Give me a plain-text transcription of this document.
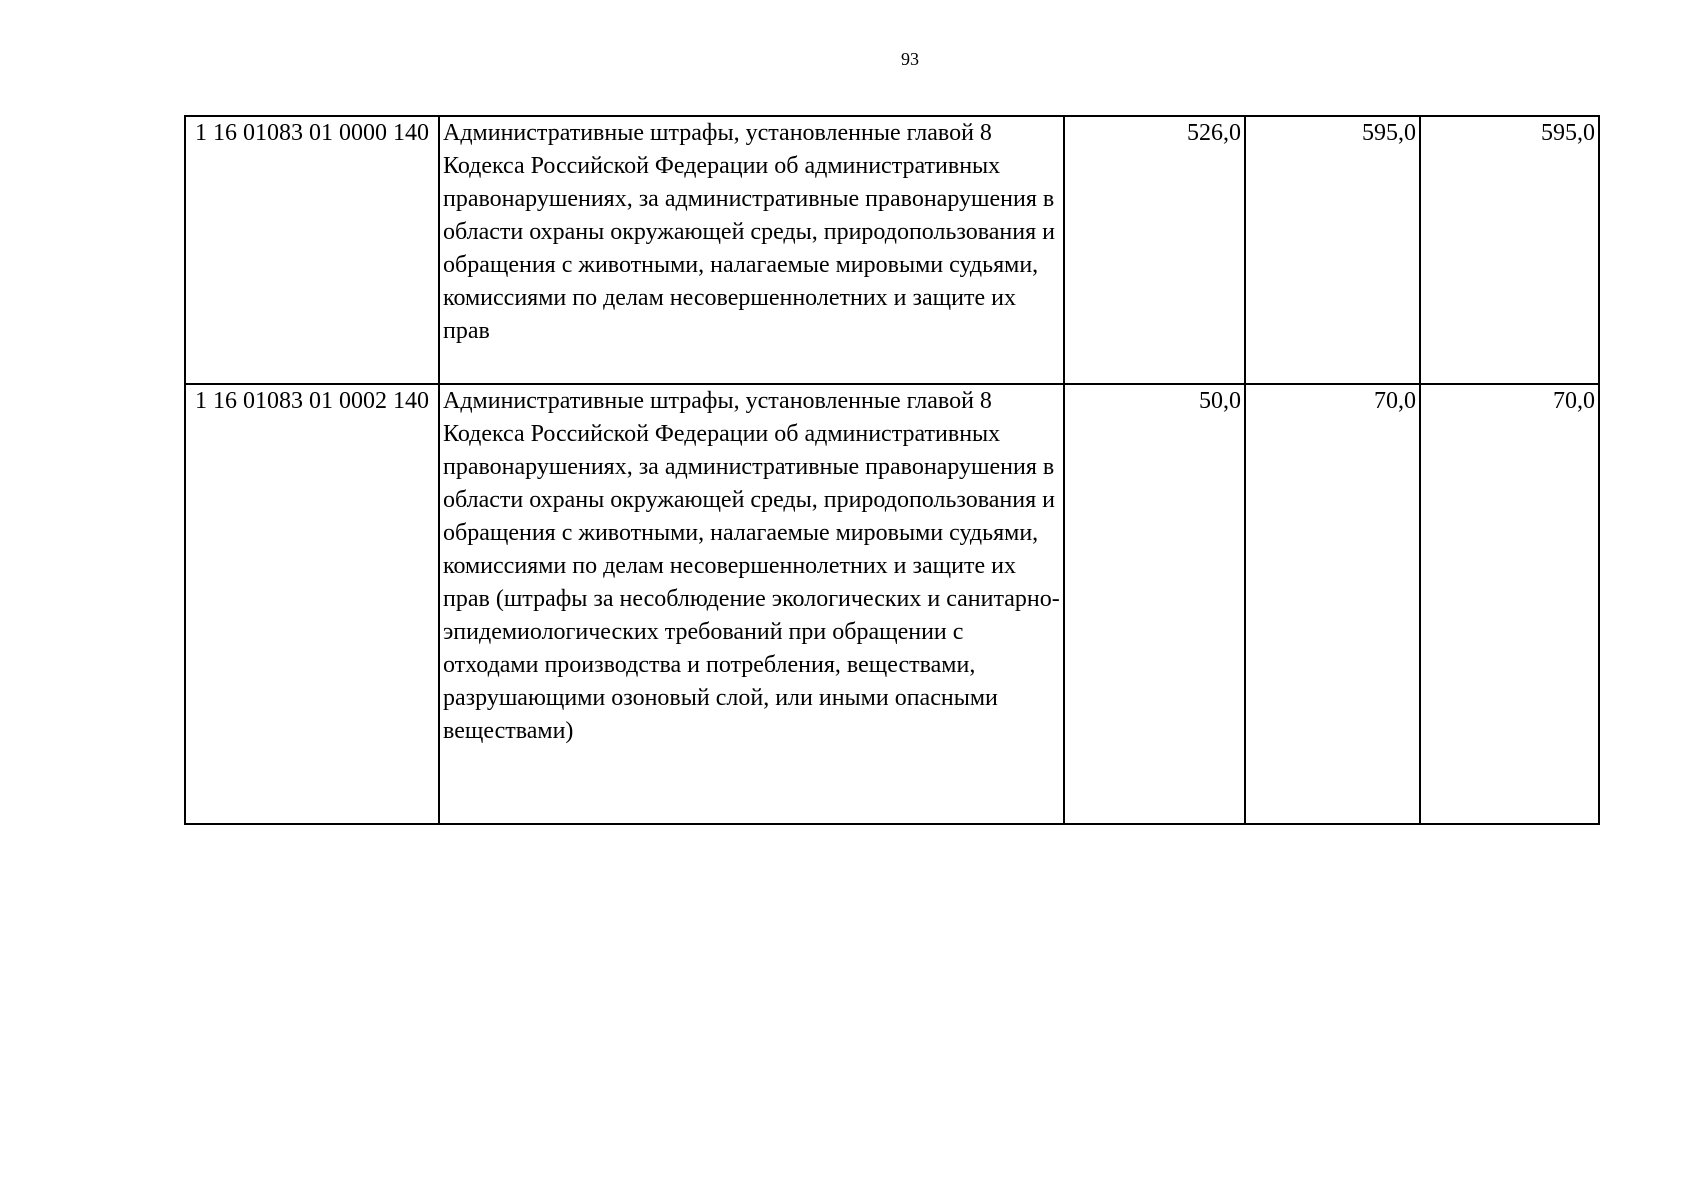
93
1 16 01083 01 0000 140	Административные штрафы, установленные главой 8 Кодекса Российской Федерации об административных правонарушениях, за административные правонарушения в области охраны окружающей среды, природопользования и обращения с животными, налагаемые мировыми судьями, комиссиями по делам несовершеннолетних и защите их прав	526,0	595,0	595,0
1 16 01083 01 0002 140	Административные штрафы, установленные главой 8 Кодекса Российской Федерации об административных правонарушениях, за административные правонарушения в области охраны окружающей среды, природопользования и обращения с животными, налагаемые мировыми судьями, комиссиями по делам несовершеннолетних и защите их прав (штрафы за несоблюдение экологических и санитарно-эпидемиологических требований при обращении с отходами производства и потребления, веществами, разрушающими озоновый слой, или иными опасными веществами)	50,0	70,0	70,0
